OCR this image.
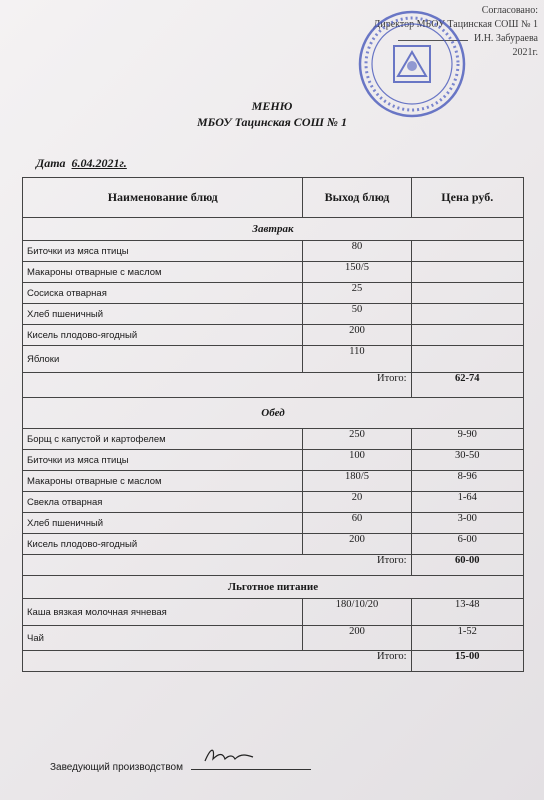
Согласовано:
Директор МБОУ Тацинская СОШ № 1
И.Н. Забураева
2021г.
МЕНЮ
МБОУ Тацинская СОШ № 1
Дата 6.04.2021г.
Наименование блюд	Выход блюд	Цена руб.
Завтрак		
Биточки из мяса птицы	80	
Макароны отварные с маслом	150/5	
Сосиска отварная	25	
Хлеб пшеничный	50	
Кисель плодово-ягодный	200	
Яблоки	110	
Итого:		62-74
Обед		
Борщ с капустой и картофелем	250	9-90
Биточки из мяса птицы	100	30-50
Макароны отварные с маслом	180/5	8-96
Свекла отварная	20	1-64
Хлеб пшеничный	60	3-00
Кисель плодово-ягодный	200	6-00
Итого:		60-00
Льготное питание		
Каша вязкая молочная ячневая	180/10/20	13-48
Чай	200	1-52
Итого:		15-00
Заведующий производством
